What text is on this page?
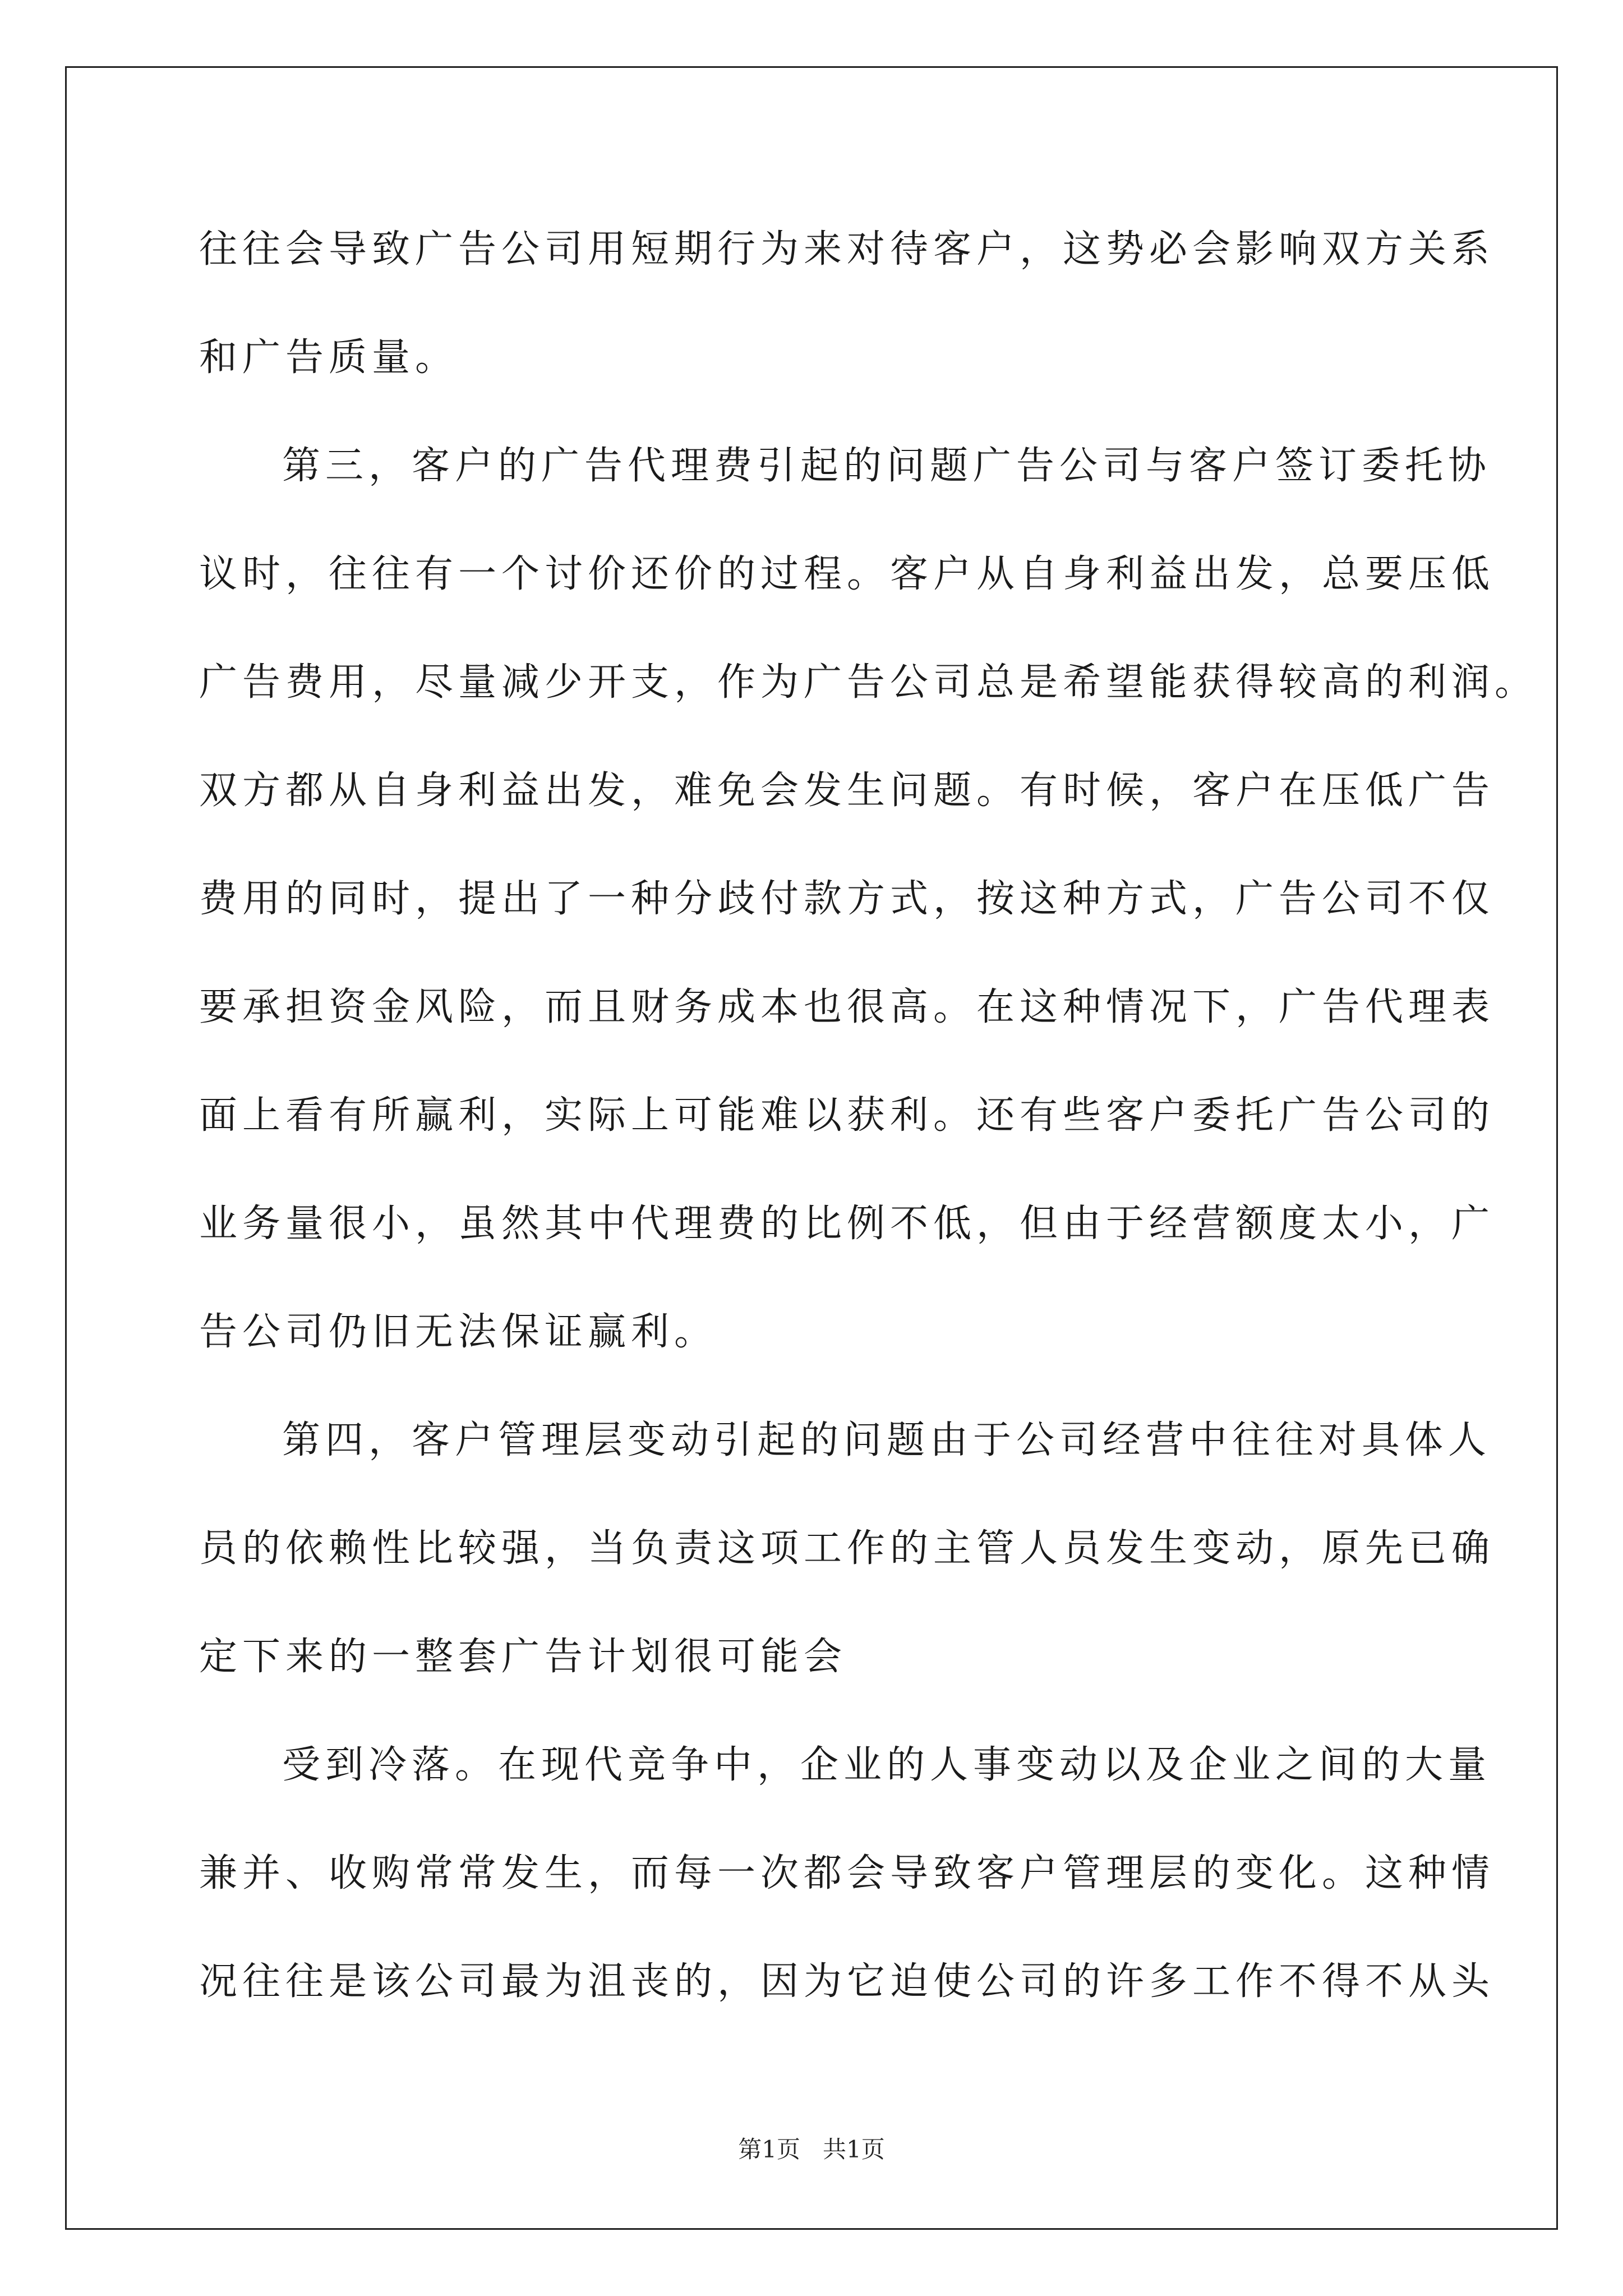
往往会导致广告公司用短期行为来对待客户，这势必会影响双方关系
和广告质量。
第三，客户的广告代理费引起的问题广告公司与客户签订委托协
议时，往往有一个讨价还价的过程。客户从自身利益出发，总要压低
广告费用，尽量减少开支，作为广告公司总是希望能获得较高的利润。
双方都从自身利益出发，难免会发生问题。有时候，客户在压低广告
费用的同时，提出了一种分歧付款方式，按这种方式，广告公司不仅
要承担资金风险，而且财务成本也很高。在这种情况下，广告代理表
面上看有所赢利，实际上可能难以获利。还有些客户委托广告公司的
业务量很小，虽然其中代理费的比例不低，但由于经营额度太小，广
告公司仍旧无法保证赢利。
第四，客户管理层变动引起的问题由于公司经营中往往对具体人
员的依赖性比较强，当负责这项工作的主管人员发生变动，原先已确
定下来的一整套广告计划很可能会
受到冷落。在现代竞争中，企业的人事变动以及企业之间的大量
兼并、收购常常发生，而每一次都会导致客户管理层的变化。这种情
况往往是该公司最为沮丧的，因为它迫使公司的许多工作不得不从头
第1页   共1页
